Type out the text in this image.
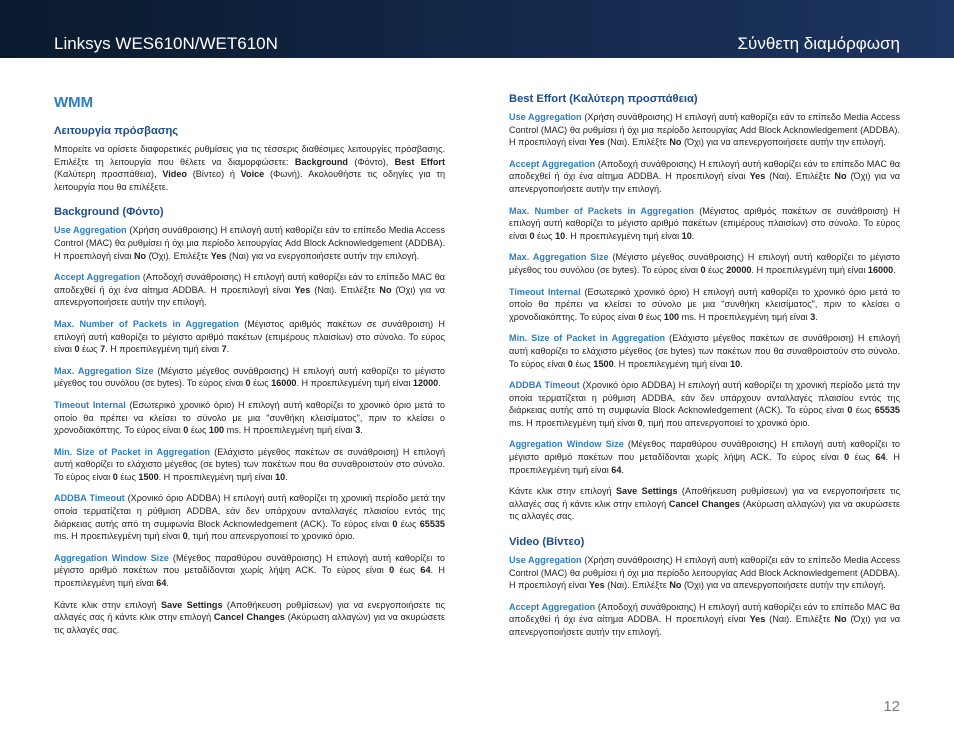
Linksys WES610N/WET610N	Σύνθετη διαμόρφωση
WMM
Λειτουργία πρόσβασης

Μπορείτε να ορίσετε διαφορετικές ρυθμίσεις για τις τέσσερις διαθέσιμες λειτουργίες πρόσβασης. Επιλέξτε τη λειτουργία που θέλετε να διαμορφώσετε: Background (Φόντο), Best Effort (Καλύτερη προσπάθεια), Video (Βίντεο) ή Voice (Φωνή). Ακολουθήστε τις οδηγίες για τη λειτουργία που θα επιλέξετε.

Background (Φόντο)

Use Aggregation (Χρήση συνάθροισης) Η επιλογή αυτή καθορίζει εάν το επίπεδο Media Access Control (MAC) θα ρυθμίσει ή όχι μια περίοδο λειτουργίας Add Block Acknowledgement (ADDBA). Η προεπιλογή είναι No (Όχι). Επιλέξτε Yes (Ναι) για να ενεργοποιήσετε αυτήν την επιλογή.

Accept Aggregation (Αποδοχή συνάθροισης) Η επιλογή αυτή καθορίζει εάν το επίπεδο MAC θα αποδεχθεί ή όχι ένα αίτημα ADDBA. Η προεπιλογή είναι Yes (Ναι). Επιλέξτε No (Όχι) για να απενεργοποιήσετε αυτήν την επιλογή.

Max. Number of Packets in Aggregation (Μέγιστος αριθμός πακέτων σε συνάθροιση) Η επιλογή αυτή καθορίζει το μέγιστο αριθμό πακέτων (επιμέρους πλαισίων) στο σύνολο. Το εύρος είναι 0 έως 7. Η προεπιλεγμένη τιμή είναι 7.

Max. Aggregation Size (Μέγιστο μέγεθος συνάθροισης) Η επιλογή αυτή καθορίζει το μέγιστο μέγεθος του συνόλου (σε bytes). Το εύρος είναι 0 έως 16000. Η προεπιλεγμένη τιμή είναι 12000.

Timeout Internal (Εσωτερικό χρονικό όριο) Η επιλογή αυτή καθορίζει το χρονικό όριο μετά το οποίο θα πρέπει να κλείσει το σύνολο με μια "συνθήκη κλεισίματος", πριν το κλείσει ο χρονοδιακόπτης. Το εύρος είναι 0 έως 100 ms. Η προεπιλεγμένη τιμή είναι 3.

Min. Size of Packet in Aggregation (Ελάχιστο μέγεθος πακέτων σε συνάθροιση) Η επιλογή αυτή καθορίζει το ελάχιστο μέγεθος (σε bytes) των πακέτων που θα συναθροιστούν στο σύνολο. Το εύρος είναι 0 έως 1500. Η προεπιλεγμένη τιμή είναι 10.

ADDBA Timeout (Χρονικό όριο ADDBA) Η επιλογή αυτή καθορίζει τη χρονική περίοδο μετά την οποία τερματίζεται η ρύθμιση ADDBA, εάν δεν υπάρχουν ανταλλαγές πλαισίου εντός της διάρκειας αυτής από τη συμφωνία Block Acknowledgement (ACK). Το εύρος είναι 0 έως 65535 ms. Η προεπιλεγμένη τιμή είναι 0, τιμή που απενεργοποιεί το χρονικό όριο.

Aggregation Window Size (Μέγεθος παραθύρου συνάθροισης) Η επιλογή αυτή καθορίζει το μέγιστο αριθμό πακέτων που μεταδίδονται χωρίς λήψη ACK. Το εύρος είναι 0 έως 64. Η προεπιλεγμένη τιμή είναι 64.

Κάντε κλικ στην επιλογή Save Settings (Αποθήκευση ρυθμίσεων) για να ενεργοποιήσετε τις αλλαγές σας ή κάντε κλικ στην επιλογή Cancel Changes (Ακύρωση αλλαγών) για να ακυρώσετε τις αλλαγές σας.

Best Effort (Καλύτερη προσπάθεια)

Use Aggregation (Χρήση συνάθροισης) Η επιλογή αυτή καθορίζει εάν το επίπεδο Media Access Control (MAC) θα ρυθμίσει ή όχι μια περίοδο λειτουργίας Add Block Acknowledgement (ADDBA). Η προεπιλογή είναι Yes (Ναι). Επιλέξτε No (Όχι) για να απενεργοποιήσετε αυτήν την επιλογή.

Accept Aggregation (Αποδοχή συνάθροισης) Η επιλογή αυτή καθορίζει εάν το επίπεδο MAC θα αποδεχθεί ή όχι ένα αίτημα ADDBA. Η προεπιλογή είναι Yes (Ναι). Επιλέξτε No (Όχι) για να απενεργοποιήσετε αυτήν την επιλογή.

Max. Number of Packets in Aggregation (Μέγιστος αριθμός πακέτων σε συνάθροιση) Η επιλογή αυτή καθορίζει το μέγιστο αριθμό πακέτων (επιμέρους πλαισίων) στο σύνολο. Το εύρος είναι 0 έως 10. Η προεπιλεγμένη τιμή είναι 10.

Max. Aggregation Size (Μέγιστο μέγεθος συνάθροισης) Η επιλογή αυτή καθορίζει το μέγιστο μέγεθος του συνόλου (σε bytes). Το εύρος είναι 0 έως 20000. Η προεπιλεγμένη τιμή είναι 16000.

Timeout Internal (Εσωτερικό χρονικό όριο) Η επιλογή αυτή καθορίζει το χρονικό όριο μετά το οποίο θα πρέπει να κλείσει το σύνολο με μια "συνθήκη κλεισίματος", πριν το κλείσει ο χρονοδιακόπτης. Το εύρος είναι 0 έως 100 ms. Η προεπιλεγμένη τιμή είναι 3.

Min. Size of Packet in Aggregation (Ελάχιστο μέγεθος πακέτων σε συνάθροιση) Η επιλογή αυτή καθορίζει το ελάχιστο μέγεθος (σε bytes) των πακέτων που θα συναθροιστούν στο σύνολο. Το εύρος είναι 0 έως 1500. Η προεπιλεγμένη τιμή είναι 10.

ADDBA Timeout (Χρονικό όριο ADDBA) Η επιλογή αυτή καθορίζει τη χρονική περίοδο μετά την οποία τερματίζεται η ρύθμιση ADDBA, εάν δεν υπάρχουν ανταλλαγές πλαισίου εντός της διάρκειας αυτής από τη συμφωνία Block Acknowledgement (ACK). Το εύρος είναι 0 έως 65535 ms. Η προεπιλεγμένη τιμή είναι 0, τιμή που απενεργοποιεί το χρονικό όριο.

Aggregation Window Size (Μέγεθος παραθύρου συνάθροισης) Η επιλογή αυτή καθορίζει το μέγιστο αριθμό πακέτων που μεταδίδονται χωρίς λήψη ACK. Το εύρος είναι 0 έως 64. Η προεπιλεγμένη τιμή είναι 64.

Κάντε κλικ στην επιλογή Save Settings (Αποθήκευση ρυθμίσεων) για να ενεργοποιήσετε τις αλλαγές σας ή κάντε κλικ στην επιλογή Cancel Changes (Ακύρωση αλλαγών) για να ακυρώσετε τις αλλαγές σας.

Video (Βίντεο)

Use Aggregation (Χρήση συνάθροισης) Η επιλογή αυτή καθορίζει εάν το επίπεδο Media Access Control (MAC) θα ρυθμίσει ή όχι μια περίοδο λειτουργίας Add Block Acknowledgement (ADDBA). Η προεπιλογή είναι Yes (Ναι). Επιλέξτε No (Όχι) για να απενεργοποιήσετε αυτήν την επιλογή.

Accept Aggregation (Αποδοχή συνάθροισης) Η επιλογή αυτή καθορίζει εάν το επίπεδο MAC θα αποδεχθεί ή όχι ένα αίτημα ADDBA. Η προεπιλογή είναι Yes (Ναι). Επιλέξτε No (Όχι) για να απενεργοποιήσετε αυτήν την επιλογή.

12
